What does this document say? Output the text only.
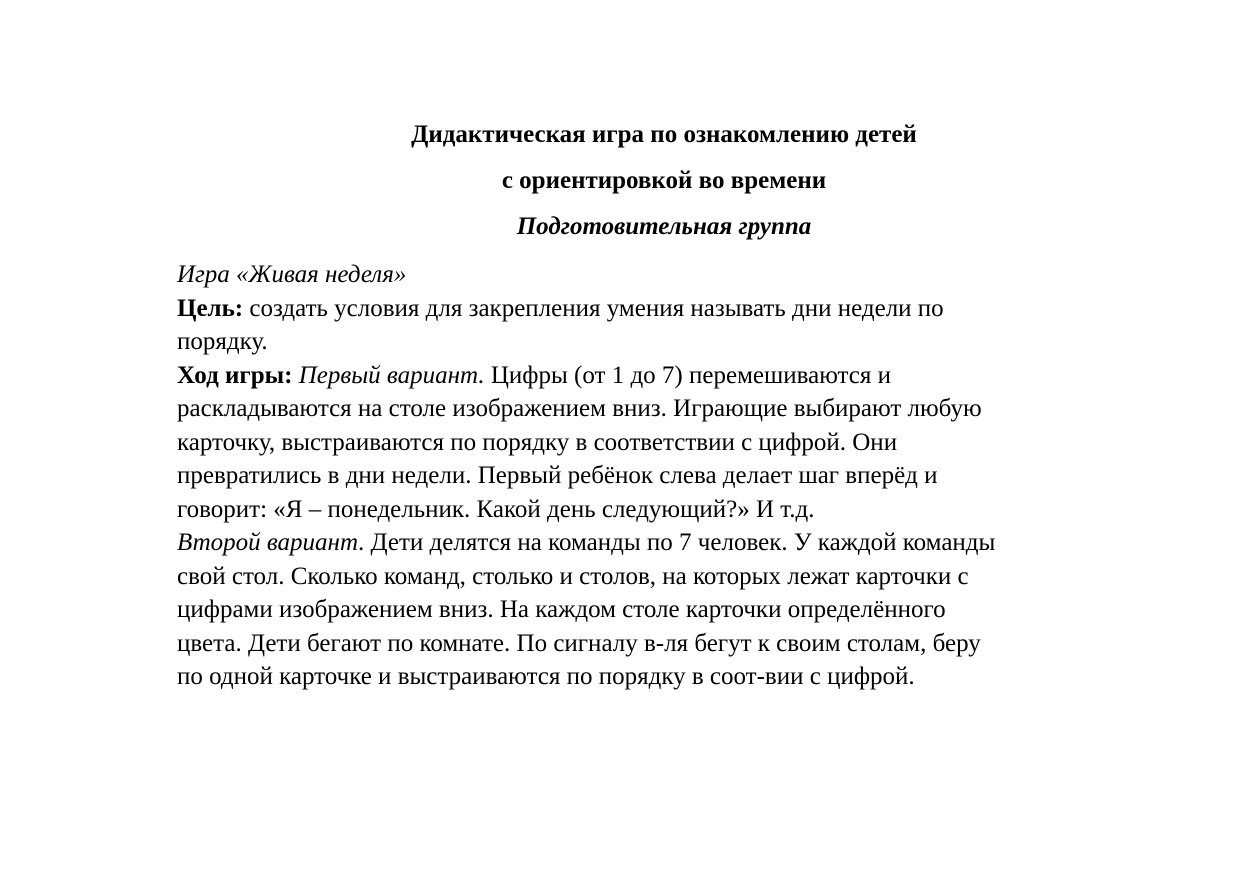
Дидактическая игра по ознакомлению детей
с ориентировкой во времени
Подготовительная группа
Игра «Живая неделя»
Цель: создать условия для закрепления умения называть дни недели по
порядку.
Ход игры: Первый вариант. Цифры (от 1 до 7) перемешиваются и
раскладываются на столе изображением вниз. Играющие выбирают любую
карточку, выстраиваются по порядку в соответствии с цифрой. Они
превратились в дни недели. Первый ребёнок слева делает шаг вперёд и
говорит: «Я – понедельник. Какой день следующий?» И т.д.
Второй вариант. Дети делятся на команды по 7 человек. У каждой команды
свой стол. Сколько команд, столько и столов, на которых лежат карточки с
цифрами изображением вниз. На каждом столе карточки определённого
цвета. Дети бегают по комнате. По сигналу в-ля бегут к своим столам, беру
по одной карточке и выстраиваются по порядку в соот-вии с цифрой.
